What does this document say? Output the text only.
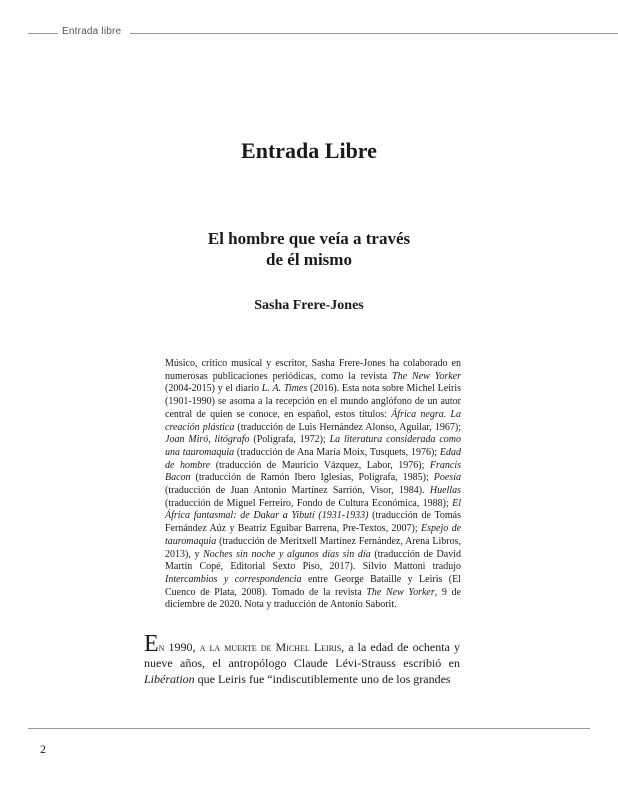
Entrada libre
Entrada Libre
El hombre que veía a través
de él mismo
Sasha Frere-Jones

Músico, crítico musical y escritor, Sasha Frere-Jones ha colaborado en numerosas publicaciones periódicas, como la revista The New Yorker (2004-2015) y el diario L. A. Times (2016). Esta nota sobre Michel Leiris (1901-1990) se asoma a la recepción en el mundo anglófono de un autor central de quien se conoce, en español, estos títulos: África negra. La creación plástica (traducción de Luis Hernández Alonso, Aguilar, 1967); Joan Miró, litógrafo (Polígrafa, 1972); La literatura considerada como una tauromaquia (traducción de Ana María Moix, Tusquets, 1976); Edad de hombre (traducción de Mauricio Vázquez, Labor, 1976); Francis Bacon (traducción de Ramón Ibero Iglesias, Polígrafa, 1985); Poesía (traducción de Juan Antonio Martínez Sarrión, Visor, 1984). Huellas (traducción de Miguel Ferreiro, Fondo de Cultura Económica, 1988); El África fantasmal: de Dakar a Yibutí (1931-1933) (traducción de Tomás Fernández Aúz y Beatriz Eguibar Barrena, Pre-Textos, 2007); Espejo de tauromaquia (traducción de Meritxell Martínez Fernández, Arena Libros, 2013), y Noches sin noche y algunos días sin día (traducción de David Martín Copé, Editorial Sexto Piso, 2017). Silvio Mattoni tradujo Intercambios y correspondencia entre George Bataille y Leiris (El Cuenco de Plata, 2008). Tomado de la revista The New Yorker, 9 de diciembre de 2020. Nota y traducción de Antonio Saborit.

En 1990, a la muerte de Michel Leiris, a la edad de ochenta y nueve años, el antropólogo Claude Lévi-Strauss escribió en Libération que Leiris fue “indiscutiblemente uno de los grandes

2
